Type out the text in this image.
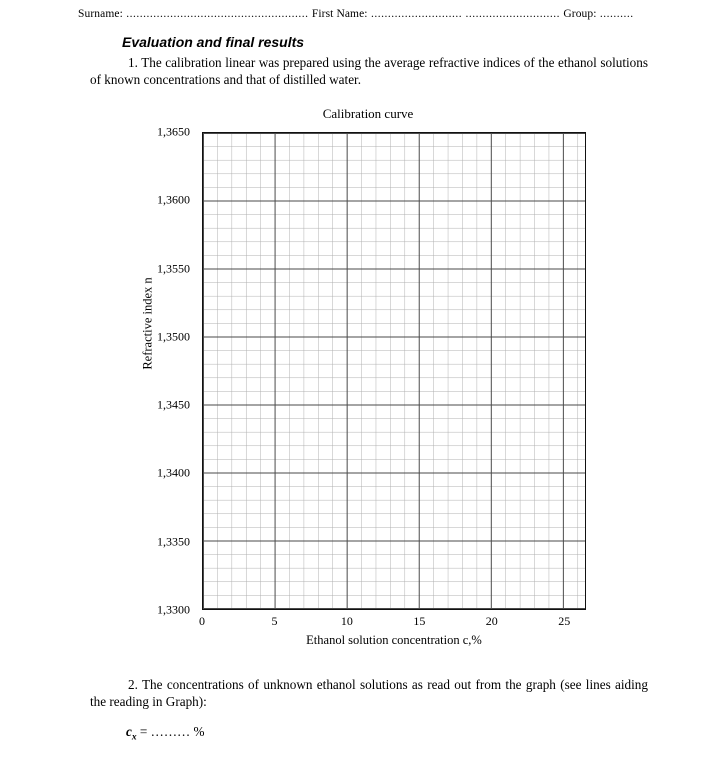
Surname: ...................................................... First Name: ........................... ............................ Group: ..........
Evaluation and final results
1. The calibration linear was prepared using the average refractive indices of the ethanol solutions of known concentrations and that of distilled water.
Calibration curve
1,3650
1,3600
1,3550
1,3500
1,3450
1,3400
1,3350
1,3300
0	5	10	15	20	25
Ethanol solution concentration c,%
Refractive index n
2. The concentrations of unknown ethanol solutions as read out from the graph (see lines aiding the reading in Graph):
$c_x$ = ……… %
